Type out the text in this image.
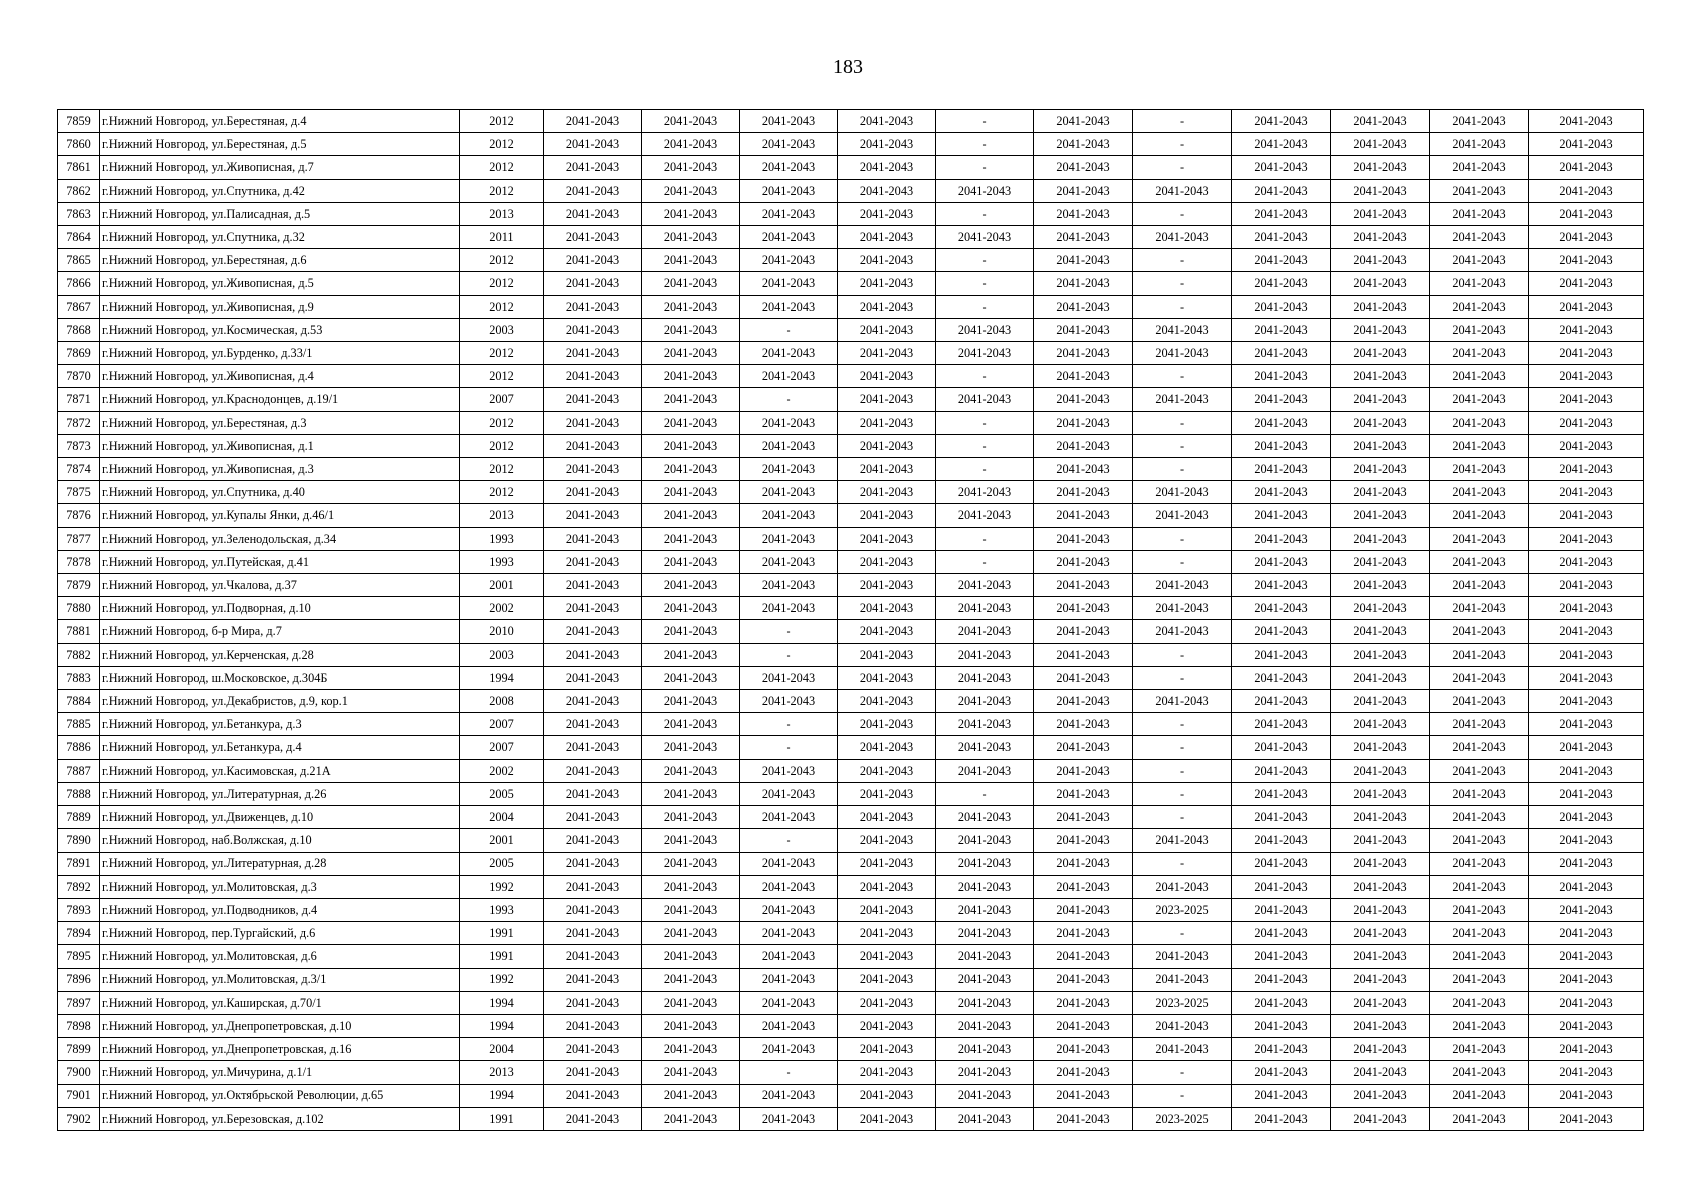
183
7859	г.Нижний Новгород, ул.Берестяная, д.4	2012	2041-2043	2041-2043	2041-2043	2041-2043	-	2041-2043	-	2041-2043	2041-2043	2041-2043	2041-2043
7860	г.Нижний Новгород, ул.Берестяная, д.5	2012	2041-2043	2041-2043	2041-2043	2041-2043	-	2041-2043	-	2041-2043	2041-2043	2041-2043	2041-2043
7861	г.Нижний Новгород, ул.Живописная, д.7	2012	2041-2043	2041-2043	2041-2043	2041-2043	-	2041-2043	-	2041-2043	2041-2043	2041-2043	2041-2043
7862	г.Нижний Новгород, ул.Спутника, д.42	2012	2041-2043	2041-2043	2041-2043	2041-2043	2041-2043	2041-2043	2041-2043	2041-2043	2041-2043	2041-2043	2041-2043
7863	г.Нижний Новгород, ул.Палисадная, д.5	2013	2041-2043	2041-2043	2041-2043	2041-2043	-	2041-2043	-	2041-2043	2041-2043	2041-2043	2041-2043
7864	г.Нижний Новгород, ул.Спутника, д.32	2011	2041-2043	2041-2043	2041-2043	2041-2043	2041-2043	2041-2043	2041-2043	2041-2043	2041-2043	2041-2043	2041-2043
7865	г.Нижний Новгород, ул.Берестяная, д.6	2012	2041-2043	2041-2043	2041-2043	2041-2043	-	2041-2043	-	2041-2043	2041-2043	2041-2043	2041-2043
7866	г.Нижний Новгород, ул.Живописная, д.5	2012	2041-2043	2041-2043	2041-2043	2041-2043	-	2041-2043	-	2041-2043	2041-2043	2041-2043	2041-2043
7867	г.Нижний Новгород, ул.Живописная, д.9	2012	2041-2043	2041-2043	2041-2043	2041-2043	-	2041-2043	-	2041-2043	2041-2043	2041-2043	2041-2043
7868	г.Нижний Новгород, ул.Космическая, д.53	2003	2041-2043	2041-2043	-	2041-2043	2041-2043	2041-2043	2041-2043	2041-2043	2041-2043	2041-2043	2041-2043
7869	г.Нижний Новгород, ул.Бурденко, д.33/1	2012	2041-2043	2041-2043	2041-2043	2041-2043	2041-2043	2041-2043	2041-2043	2041-2043	2041-2043	2041-2043	2041-2043
7870	г.Нижний Новгород, ул.Живописная, д.4	2012	2041-2043	2041-2043	2041-2043	2041-2043	-	2041-2043	-	2041-2043	2041-2043	2041-2043	2041-2043
7871	г.Нижний Новгород, ул.Краснодонцев, д.19/1	2007	2041-2043	2041-2043	-	2041-2043	2041-2043	2041-2043	2041-2043	2041-2043	2041-2043	2041-2043	2041-2043
7872	г.Нижний Новгород, ул.Берестяная, д.3	2012	2041-2043	2041-2043	2041-2043	2041-2043	-	2041-2043	-	2041-2043	2041-2043	2041-2043	2041-2043
7873	г.Нижний Новгород, ул.Живописная, д.1	2012	2041-2043	2041-2043	2041-2043	2041-2043	-	2041-2043	-	2041-2043	2041-2043	2041-2043	2041-2043
7874	г.Нижний Новгород, ул.Живописная, д.3	2012	2041-2043	2041-2043	2041-2043	2041-2043	-	2041-2043	-	2041-2043	2041-2043	2041-2043	2041-2043
7875	г.Нижний Новгород, ул.Спутника, д.40	2012	2041-2043	2041-2043	2041-2043	2041-2043	2041-2043	2041-2043	2041-2043	2041-2043	2041-2043	2041-2043	2041-2043
7876	г.Нижний Новгород, ул.Купалы Янки, д.46/1	2013	2041-2043	2041-2043	2041-2043	2041-2043	2041-2043	2041-2043	2041-2043	2041-2043	2041-2043	2041-2043	2041-2043
7877	г.Нижний Новгород, ул.Зеленодольская, д.34	1993	2041-2043	2041-2043	2041-2043	2041-2043	-	2041-2043	-	2041-2043	2041-2043	2041-2043	2041-2043
7878	г.Нижний Новгород, ул.Путейская, д.41	1993	2041-2043	2041-2043	2041-2043	2041-2043	-	2041-2043	-	2041-2043	2041-2043	2041-2043	2041-2043
7879	г.Нижний Новгород, ул.Чкалова, д.37	2001	2041-2043	2041-2043	2041-2043	2041-2043	2041-2043	2041-2043	2041-2043	2041-2043	2041-2043	2041-2043	2041-2043
7880	г.Нижний Новгород, ул.Подворная, д.10	2002	2041-2043	2041-2043	2041-2043	2041-2043	2041-2043	2041-2043	2041-2043	2041-2043	2041-2043	2041-2043	2041-2043
7881	г.Нижний Новгород, б-р Мира, д.7	2010	2041-2043	2041-2043	-	2041-2043	2041-2043	2041-2043	2041-2043	2041-2043	2041-2043	2041-2043	2041-2043
7882	г.Нижний Новгород, ул.Керченская, д.28	2003	2041-2043	2041-2043	-	2041-2043	2041-2043	2041-2043	-	2041-2043	2041-2043	2041-2043	2041-2043
7883	г.Нижний Новгород, ш.Московское, д.304Б	1994	2041-2043	2041-2043	2041-2043	2041-2043	2041-2043	2041-2043	-	2041-2043	2041-2043	2041-2043	2041-2043
7884	г.Нижний Новгород, ул.Декабристов, д.9, кор.1	2008	2041-2043	2041-2043	2041-2043	2041-2043	2041-2043	2041-2043	2041-2043	2041-2043	2041-2043	2041-2043	2041-2043
7885	г.Нижний Новгород, ул.Бетанкура, д.3	2007	2041-2043	2041-2043	-	2041-2043	2041-2043	2041-2043	-	2041-2043	2041-2043	2041-2043	2041-2043
7886	г.Нижний Новгород, ул.Бетанкура, д.4	2007	2041-2043	2041-2043	-	2041-2043	2041-2043	2041-2043	-	2041-2043	2041-2043	2041-2043	2041-2043
7887	г.Нижний Новгород, ул.Касимовская, д.21А	2002	2041-2043	2041-2043	2041-2043	2041-2043	2041-2043	2041-2043	-	2041-2043	2041-2043	2041-2043	2041-2043
7888	г.Нижний Новгород, ул.Литературная, д.26	2005	2041-2043	2041-2043	2041-2043	2041-2043	-	2041-2043	-	2041-2043	2041-2043	2041-2043	2041-2043
7889	г.Нижний Новгород, ул.Движенцев, д.10	2004	2041-2043	2041-2043	2041-2043	2041-2043	2041-2043	2041-2043	-	2041-2043	2041-2043	2041-2043	2041-2043
7890	г.Нижний Новгород, наб.Волжская, д.10	2001	2041-2043	2041-2043	-	2041-2043	2041-2043	2041-2043	2041-2043	2041-2043	2041-2043	2041-2043	2041-2043
7891	г.Нижний Новгород, ул.Литературная, д.28	2005	2041-2043	2041-2043	2041-2043	2041-2043	2041-2043	2041-2043	-	2041-2043	2041-2043	2041-2043	2041-2043
7892	г.Нижний Новгород, ул.Молитовская, д.3	1992	2041-2043	2041-2043	2041-2043	2041-2043	2041-2043	2041-2043	2041-2043	2041-2043	2041-2043	2041-2043	2041-2043
7893	г.Нижний Новгород, ул.Подводников, д.4	1993	2041-2043	2041-2043	2041-2043	2041-2043	2041-2043	2041-2043	2023-2025	2041-2043	2041-2043	2041-2043	2041-2043
7894	г.Нижний Новгород, пер.Тургайский, д.6	1991	2041-2043	2041-2043	2041-2043	2041-2043	2041-2043	2041-2043	-	2041-2043	2041-2043	2041-2043	2041-2043
7895	г.Нижний Новгород, ул.Молитовская, д.6	1991	2041-2043	2041-2043	2041-2043	2041-2043	2041-2043	2041-2043	2041-2043	2041-2043	2041-2043	2041-2043	2041-2043
7896	г.Нижний Новгород, ул.Молитовская, д.3/1	1992	2041-2043	2041-2043	2041-2043	2041-2043	2041-2043	2041-2043	2041-2043	2041-2043	2041-2043	2041-2043	2041-2043
7897	г.Нижний Новгород, ул.Каширская, д.70/1	1994	2041-2043	2041-2043	2041-2043	2041-2043	2041-2043	2041-2043	2023-2025	2041-2043	2041-2043	2041-2043	2041-2043
7898	г.Нижний Новгород, ул.Днепропетровская, д.10	1994	2041-2043	2041-2043	2041-2043	2041-2043	2041-2043	2041-2043	2041-2043	2041-2043	2041-2043	2041-2043	2041-2043
7899	г.Нижний Новгород, ул.Днепропетровская, д.16	2004	2041-2043	2041-2043	2041-2043	2041-2043	2041-2043	2041-2043	2041-2043	2041-2043	2041-2043	2041-2043	2041-2043
7900	г.Нижний Новгород, ул.Мичурина, д.1/1	2013	2041-2043	2041-2043	-	2041-2043	2041-2043	2041-2043	-	2041-2043	2041-2043	2041-2043	2041-2043
7901	г.Нижний Новгород, ул.Октябрьской Революции, д.65	1994	2041-2043	2041-2043	2041-2043	2041-2043	2041-2043	2041-2043	-	2041-2043	2041-2043	2041-2043	2041-2043
7902	г.Нижний Новгород, ул.Березовская, д.102	1991	2041-2043	2041-2043	2041-2043	2041-2043	2041-2043	2041-2043	2023-2025	2041-2043	2041-2043	2041-2043	2041-2043
